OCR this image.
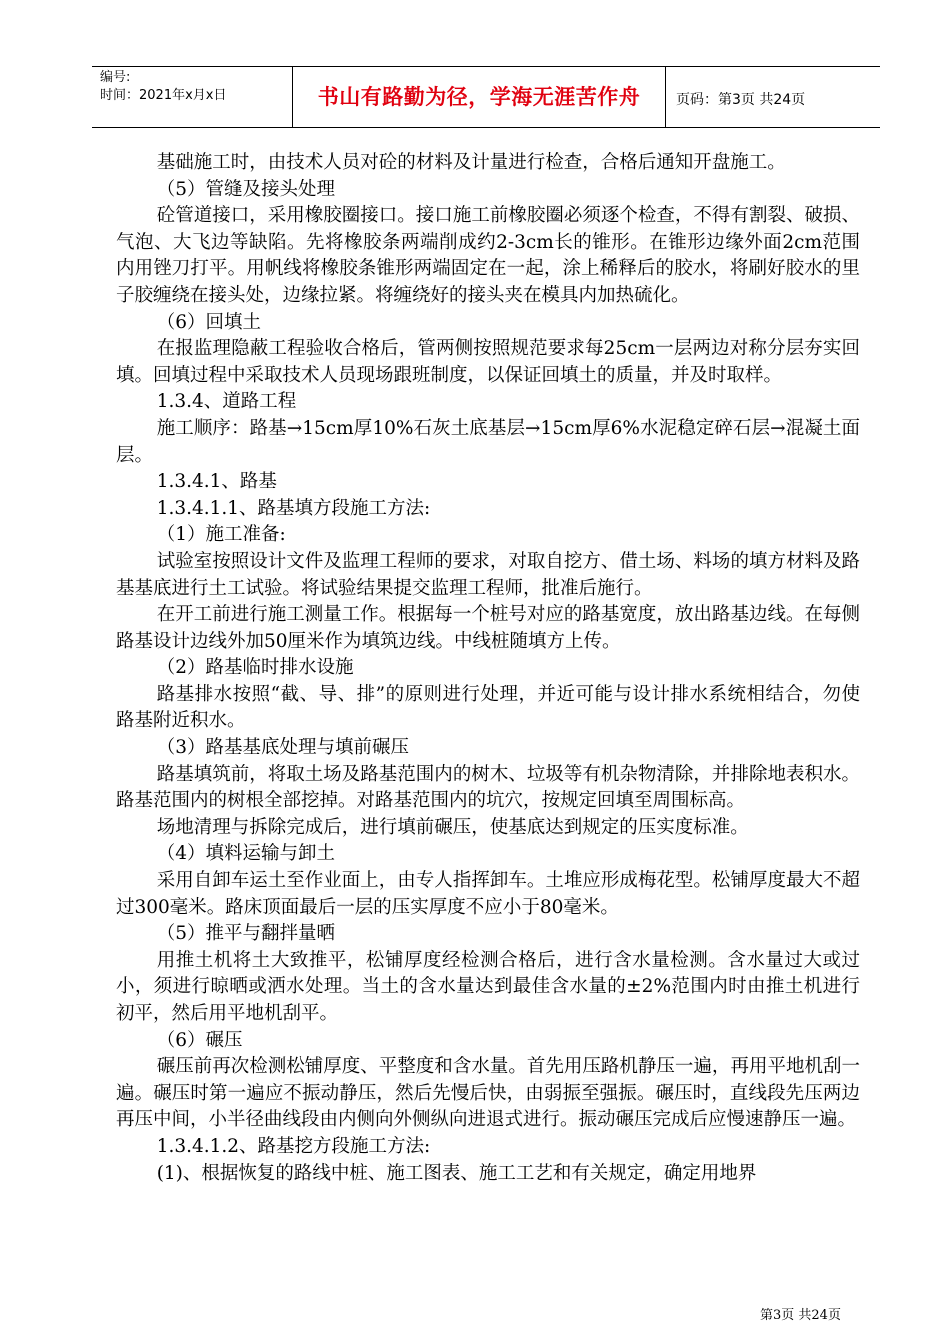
编号:
时间：2021年x月x日	书山有路勤为径，学海无涯苦作舟	页码：第3页 共24页

基础施工时，由技术人员对砼的材料及计量进行检查，合格后通知开盘施工。

（5）管缝及接头处理

砼管道接口，采用橡胶圈接口。接口施工前橡胶圈必须逐个检查，不得有割裂、破损、气泡、大飞边等缺陷。先将橡胶条两端削成约2-3cm长的锥形。在锥形边缘外面2cm范围内用锉刀打平。用帆线将橡胶条锥形两端固定在一起，涂上稀释后的胶水，将刷好胶水的里子胶缠绕在接头处，边缘拉紧。将缠绕好的接头夹在模具内加热硫化。

（6）回填土

在报监理隐蔽工程验收合格后，管两侧按照规范要求每25cm一层两边对称分层夯实回填。回填过程中采取技术人员现场跟班制度，以保证回填土的质量，并及时取样。

1.3.4、道路工程

施工顺序：路基→15cm厚10%石灰土底基层→15cm厚6%水泥稳定碎石层→混凝土面层。

1.3.4.1、路基

1.3.4.1.1、路基填方段施工方法:

（1）施工准备:

试验室按照设计文件及监理工程师的要求，对取自挖方、借土场、料场的填方材料及路基基底进行土工试验。将试验结果提交监理工程师，批准后施行。

在开工前进行施工测量工作。根据每一个桩号对应的路基宽度，放出路基边线。在每侧路基设计边线外加50厘米作为填筑边线。中线桩随填方上传。

（2）路基临时排水设施

路基排水按照“截、导、排”的原则进行处理，并近可能与设计排水系统相结合，勿使路基附近积水。

（3）路基基底处理与填前碾压

路基填筑前，将取土场及路基范围内的树木、垃圾等有机杂物清除，并排除地表积水。路基范围内的树根全部挖掉。对路基范围内的坑穴，按规定回填至周围标高。

场地清理与拆除完成后，进行填前碾压，使基底达到规定的压实度标准。

（4）填料运输与卸土

采用自卸车运土至作业面上，由专人指挥卸车。土堆应形成梅花型。松铺厚度最大不超过300毫米。路床顶面最后一层的压实厚度不应小于80毫米。

（5）推平与翻拌量晒

用推土机将土大致推平，松铺厚度经检测合格后，进行含水量检测。含水量过大或过小，须进行晾晒或洒水处理。当土的含水量达到最佳含水量的±2%范围内时由推土机进行初平，然后用平地机刮平。

（6）碾压

碾压前再次检测松铺厚度、平整度和含水量。首先用压路机静压一遍，再用平地机刮一遍。碾压时第一遍应不振动静压，然后先慢后快，由弱振至强振。碾压时，直线段先压两边再压中间，小半径曲线段由内侧向外侧纵向进退式进行。振动碾压完成后应慢速静压一遍。

1.3.4.1.2、路基挖方段施工方法:

(1)、根据恢复的路线中桩、施工图表、施工工艺和有关规定，确定用地界

第3页 共24页
